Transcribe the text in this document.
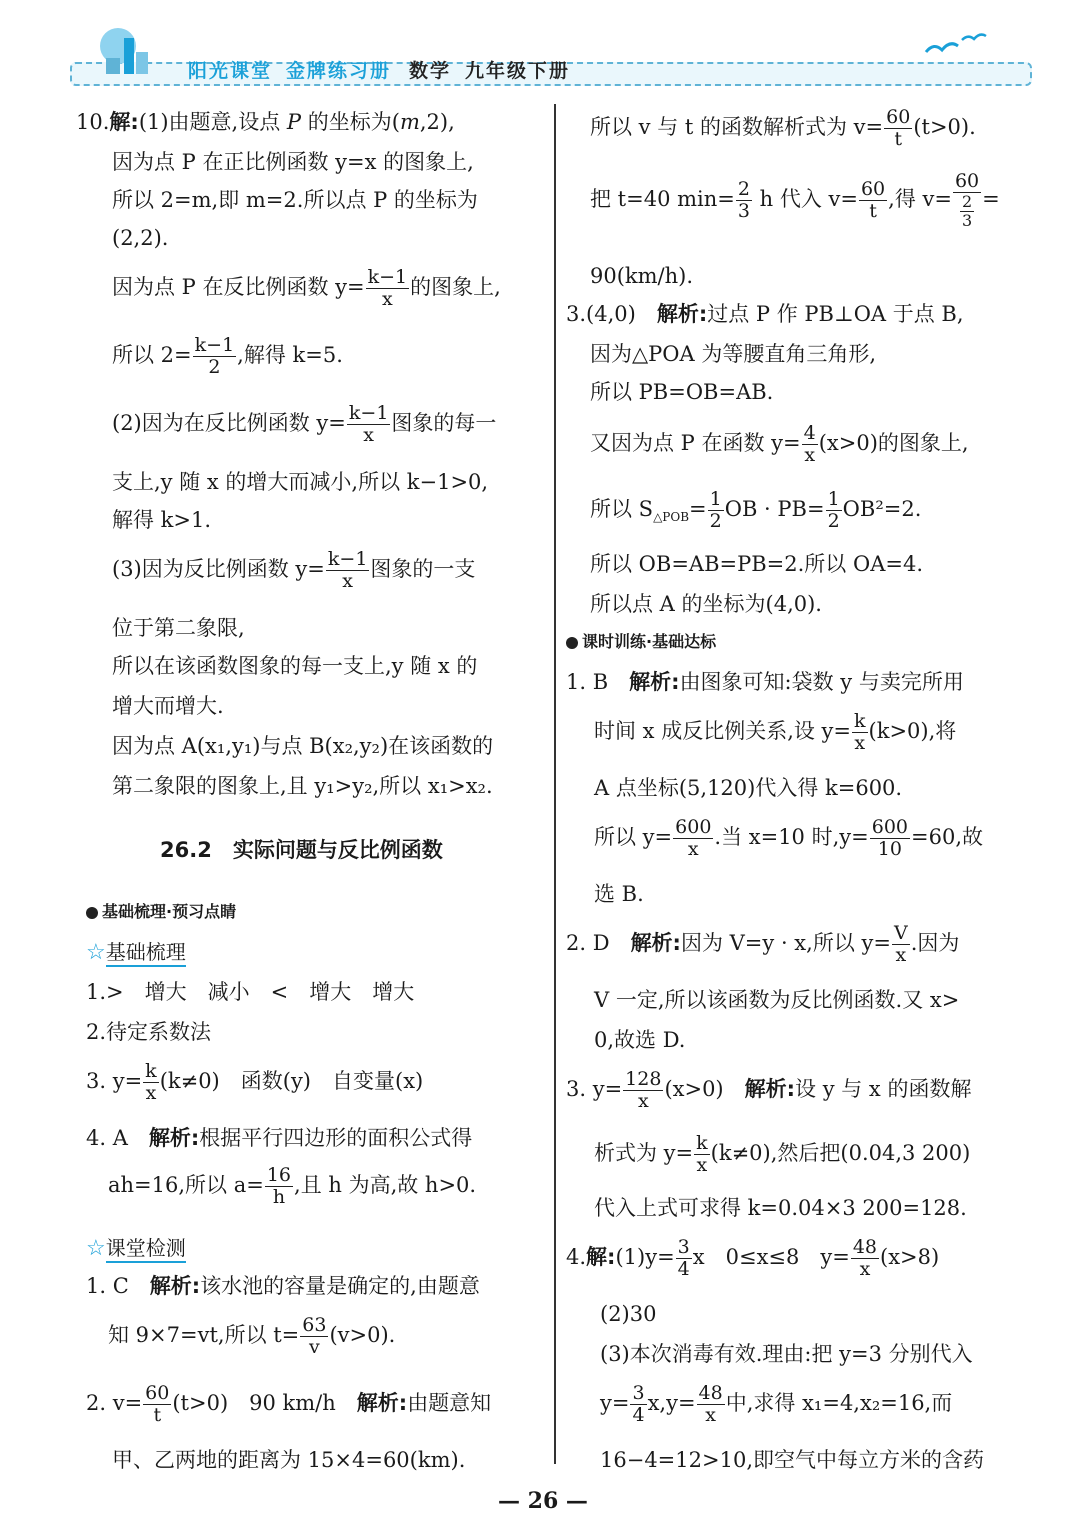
阳光课堂 金牌练习册 数学 九年级下册
10.解:(1)由题意,设点 P 的坐标为(m,2),
因为点 P 在正比例函数 y=x 的图象上,
所以 2=m,即 m=2.所以点 P 的坐标为
(2,2).
因为点 P 在反比例函数 $y= \frac{k-1}{x}$ 的图象上,
所以 $2= \frac{k-1}{2}$ ,解得 k=5.
(2)因为在反比例函数 $y= \frac{k-1}{x}$ 图象的每一
支上,y 随 x 的增大而减小,所以 k−1>0,
解得 k>1.
(3)因为反比例函数 $y= \frac{k-1}{x}$ 图象的一支
位于第二象限,
所以在该函数图象的每一支上,y 随 x 的
增大而增大.
因为点 A(x₁,y₁)与点 B(x₂,y₂)在该函数的
第二象限的图象上,且 y₁>y₂,所以 x₁>x₂.
26.2　实际问题与反比例函数
基础梳理·预习点睛
☆基础梳理
1.>　增大　减小　<　增大　增大
2.待定系数法
3. $y= \frac{k}{x} (k\ne 0)$　函数(y)　自变量(x)
4. A　解析:根据平行四边形的面积公式得
ah=16,所以 $a= \frac{16}{h}$ ,且 h 为高,故 h>0.
☆课堂检测
1. C　解析:该水池的容量是确定的,由题意
知 9×7=vt,所以 $t= \frac{63}{v} (v>0)$.
2. $v= \frac{60}{t} (t>0)$　90 km/h　解析:由题意知
甲、乙两地的距离为 15×4=60(km).
所以 v 与 t 的函数解析式为 $v= \frac{60}{t} (t>0)$.
把 t=40 $\min= \frac{2}{3}$ h 代入 $v= \frac{60}{t}$ ,得 $v= \frac{60}{\frac{2}{3}}$ =
90(km/h).
3.(4,0)　解析:过点 P 作 PB⊥OA 于点 B,
因为△POA 为等腰直角三角形,
所以 PB=OB=AB.
又因为点 P 在函数 $y= \frac{4}{x} (x>0)$的图象上,
所以 $S_{\triangle POB}= \frac{1}{2}$ OB · $PB= \frac{1}{2} OB^2=2$.
所以 OB=AB=PB=2.所以 OA=4.
所以点 A 的坐标为(4,0).
课时训练·基础达标
1. B　解析:由图象可知:袋数 y 与卖完所用
时间 x 成反比例关系,设 $y= \frac{k}{x} (k>0)$,将
A 点坐标(5,120)代入得 k=600.
所以 $y= \frac{600}{x}$ .当 x=10 时$,y= \frac{600}{10} =60$,故
选 B.
2. D　解析:因为 V=y · x,所以 $y= \frac{V}{x}$ .因为
V 一定,所以该函数为反比例函数.又 x>
0,故选 D.
3. $y= \frac{128}{x} (x>0)$　解析:设 y 与 x 的函数解
析式为 $y= \frac{k}{x} (k\ne 0)$,然后把(0.04,3 200)
代入上式可求得 k=0.04×3 200=128.
4.解:(1)y= $\frac{3}{4}$ x　0≤x≤8　$y= \frac{48}{x} (x>8)$
(2)30
(3)本次消毒有效.理由:把 y=3 分别代入
$y= \frac{3}{4} x,y= \frac{48}{x}$ 中,求得 x₁=4,x₂=16,而
16−4=12>10,即空气中每立方米的含药
— 26 —
